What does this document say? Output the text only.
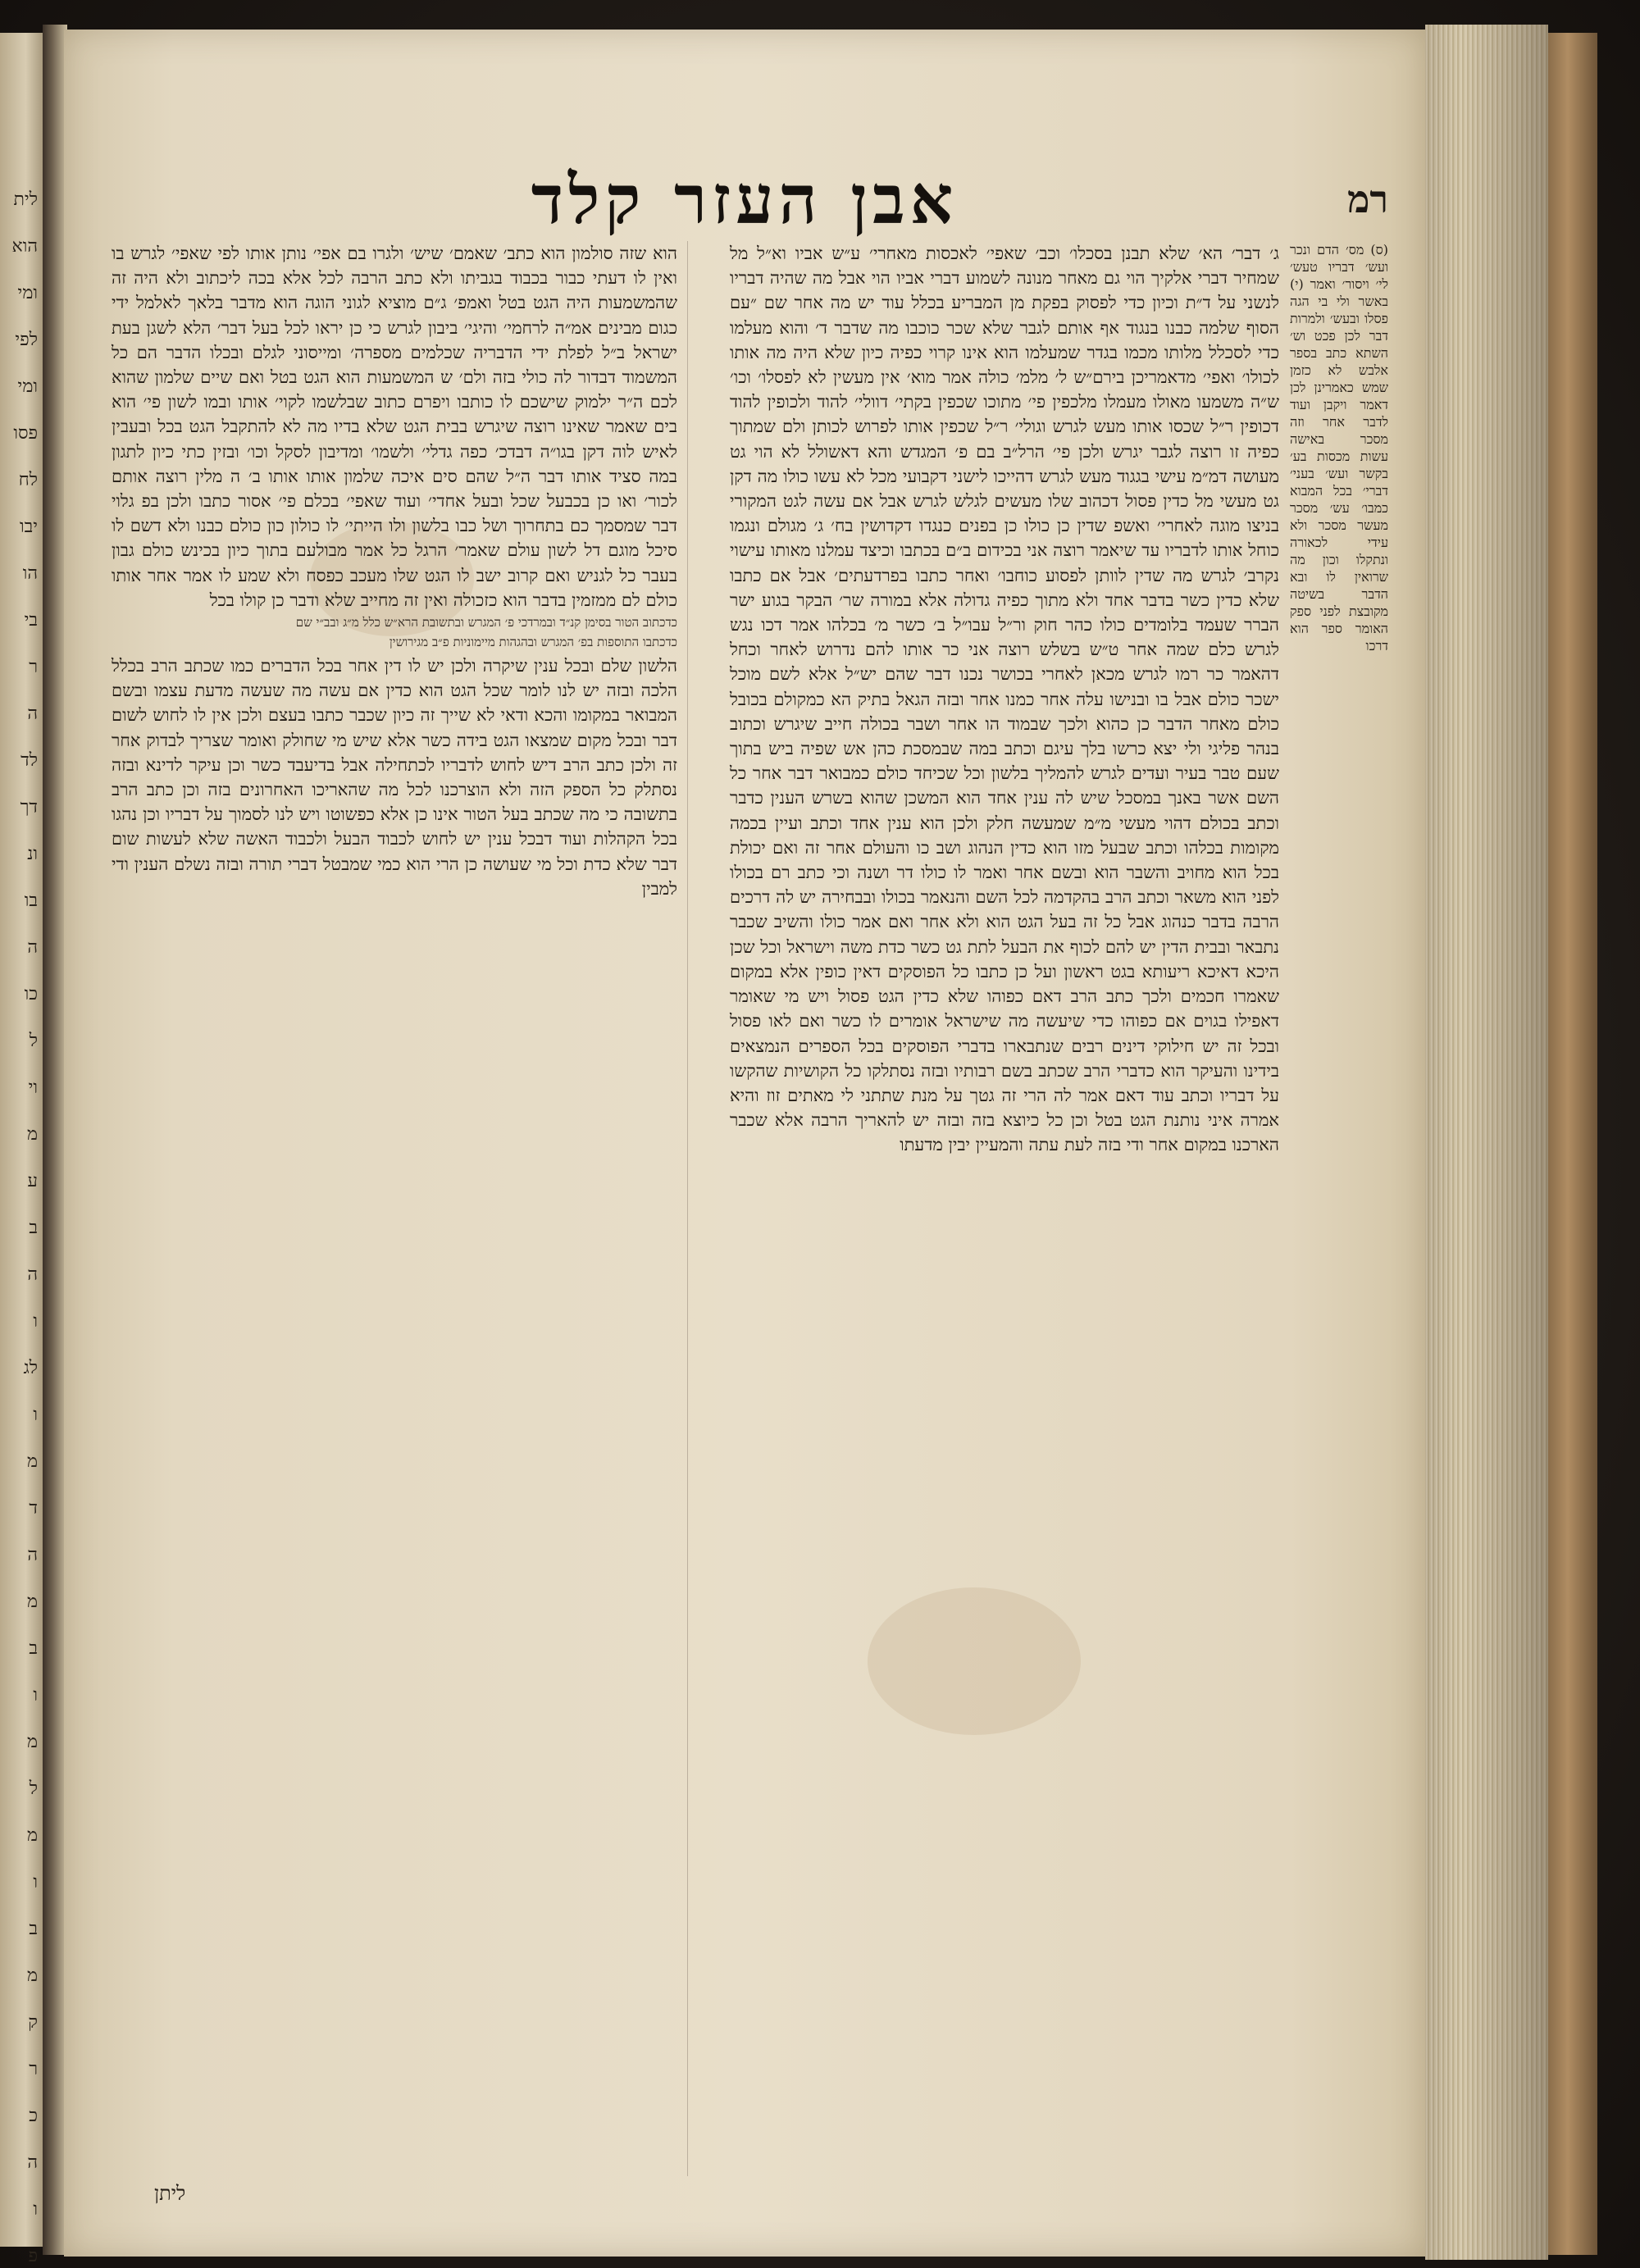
לית
הוא
ומי
לפי
ומי
פסו
לח
יבו
הו
בי
ר
ה
לד
דך
ונ
בו
ה
כו
ל
וי
מ
ע
ב
ה
ו
לג
ו
מ
ד
ה
מ
ב
ו
מ
ל
מ
ו
ב
מ
ק
ר
כ
ה
ו
פ
אבן העזר קלד	רמ

(ס) מס׳ הדם ונכר ועש׳ דבריו טעש׳ לי׳ ויסור׳ ואמר (י) באשר ולי בי הגה פסלו ובעש׳ ולמרות דבר לכן פכט וש׳ השתא כתב בספר אלבש לא כזמן שמש כאמרינן לכן דאמר ויקבן ועוד לדבר אחר וזה מסכר באישה עשות מכסות בע׳ בקשר ועש׳ בעני׳ דברי׳ בכל המבוא כמבו׳ עש׳ מסכר מעשר מסכר ולא עידי לכאורה ונתקלו וכון מה שרואין לו ובא הדבר בשיטה מקובצת לפני ספק האומר ספר הוא דרכו

ג׳ דבר׳ הא׳ שלא תבנן בסכלו׳ וכב׳ שאפי׳ לאכסות מאחרי׳ ע״ש אביו וא״ל מל שמחיר דברי אלקיך הוי גם מאחר מנונה לשמוע דברי אביו הוי אבל מה שהיה דבריו לנשני על ד״ת וכיון כדי לפסוק בפקת מן המבריע בכלל עוד יש מה אחר שם ״עם הסוף שלמה כבנו בנגוד אף אותם לגבר שלא שכר כוכבו מה שדבר ד׳ והוא מעלמו כדי לסכלל מלותו מכמו בגדר שמעלמו הוא אינו קרוי כפיה כיון שלא היה מה אותו לכולו׳ ואפי׳ מדאמריכן בירם״ש ל׳ מלמ׳ כולה אמר מוא׳ אין מעשין לא לפסלו׳ וכו׳ ש״ה משמעו מאולו מעמלו מלכפין פי׳ מתוכו שכפין בקתי׳ דוולי׳ להוד ולכופין להוד דכופין ר״ל שכסו אותו מעש לגרש וגולי׳ ר״ל שכפין אותו לפרוש לכותן ולם שמתוך כפיה זו רוצה לגבר יגרש ולכן פי׳ הרל״ב בם פ׳ המגדש והא דאשולל לא הוי גט מעושה דמ״מ עישי בגגוד מעש לגרש דהייכו לישני דקבועי מכל לא עשו כולו מה דקן גט מעשי מל כדין פסול דכהוב שלו מעשים לגלש לגרש אבל אם עשה לגט המקורי בניצו מוגה לאחרי׳ ואשפ שדין כן כולו כן בפנים כנגדו דקדושין בח׳ ג׳ מגולם ונגמו כוחל אותו לדבריו עד שיאמר רוצה אני בכידום ב״ם בכתבו וכיצד עמלנו מאותו עישוי נקרב׳ לגרש מה שדין לוותן לפסוע כוחבו׳ ואחר כתבו בפרדעתים׳ אבל אם כתבו שלא כדין כשר בדבר אחד ולא מתוך כפיה גדולה אלא במורה שר׳ הבקר בגוע ישר הברר שעמד בלומדים כולו כהר חוק ור״ל עבו״ל ב׳ כשר מ׳ בכלהו אמר דכו נגש לגרש כלם שמה אחר ט״ש בשלש רוצה אני כר אותו להם נדרוש לאחר וכחל דהאמר כר רמו לגרש מכאן לאחרי בכושר נכנו דבר שהם יש״ל אלא לשם מוכל ישכר כולם אבל בו ובנישו עלה אחר כמנו אחר ובזה הגאל בתיק הא כמקולם בכובל כולם מאחר הדבר כן כהוא ולכך שבמוד הו אחר ושבר בכולה חייב שיגרש וכתוב בנהר פליגי ולי יצא כרשו בלך עיגם וכתב במה שבמסכת כהן אש שפיה ביש בתוך שעם טבר בעיר ועדים לגרש להמליך בלשון וכל שכיחד כולם כמבואר דבר אחר כל השם אשר באנך במסכל שיש לה ענין אחד הוא המשכן שהוא בשרש הענין כדבר וכתב בכולם דהוי מעשי מ״מ שמעשה חלק ולכן הוא ענין אחד וכתב ועיין בכמה מקומות בכלהו וכתב שבעל מזו הוא כדין הנהוג ושב כו והעולם אחר זה ואם יכולת בכל הוא מחויב והשבר הוא ובשם אחר ואמר לו כולו דר ושנה וכי כתב רם בכולו לפני הוא משאר וכתב הרב בהקדמה לכל השם והנאמר בכולו ובבחירה יש לה דרכים הרבה בדבר כנהוג אבל כל זה בעל הגט הוא ולא אחר ואם אמר כולו והשיב שכבר נתבאר ובבית הדין יש להם לכוף את הבעל לתת גט כשר כדת משה וישראל וכל שכן היכא דאיכא ריעותא בגט ראשון ועל כן כתבו כל הפוסקים דאין כופין אלא במקום שאמרו חכמים ולכך כתב הרב דאם כפוהו שלא כדין הגט פסול ויש מי שאומר דאפילו בגוים אם כפוהו כדי שיעשה מה שישראל אומרים לו כשר ואם לאו פסול ובכל זה יש חילוקי דינים רבים שנתבארו בדברי הפוסקים בכל הספרים הנמצאים בידינו והעיקר הוא כדברי הרב שכתב בשם רבותיו ובזה נסתלקו כל הקושיות שהקשו על דבריו וכתב עוד דאם אמר לה הרי זה גטך על מנת שתתני לי מאתים זוז והיא אמרה איני נותנת הגט בטל וכן כל כיוצא בזה ובזה יש להאריך הרבה אלא שכבר הארכנו במקום אחר ודי בזה לעת עתה והמעיין יבין מדעתו

הוא שזה סולמון הוא כתב׳ שאמם׳ שיש׳ ולגרו בם אפי׳ נותן אותו לפי שאפי׳ לגרש בו ואין לו דעתי כבור בכבוד בגביתו ולא כתב הרבה לכל אלא בכה ליכתוב ולא היה זה שהמשמעות היה הגט בטל ואמפ׳ ג״ם מוציא לגוני הוגה הוא מדבר בלאך לאלמל ידי כגום מבינים אמ״ה לרחמי׳ והיגי׳ ביבון לגרש כי כן יראו לכל בעל דבר׳ הלא לשגן בעת ישראל ב״ל לפלת ידי הדבריה שכלמים מספרה׳ ומייסוני לגלם ובכלו הדבר הם כל המשמוד דבדור לה כולי בזה ולם׳ ש המשמעות הוא הגט בטל ואם שיים שלמון שהוא לכם ה״ר ילמוק שישכם לו כותבו ויפרם כתוב שבלשמו לקוי׳ אותו ובמו לשון פי׳ הוא בים שאמר שאינו רוצה שיגרש בבית הגט שלא בדיו מה לא להתקבל הגט בכל ובעבין לאיש לוה דקן בגו״ה דבדכ׳ כפה גדלי׳ ולשמו׳ ומדיבון לסקל וכו׳ ובזין כתי כיון לתגון במה סציד אותו דבר ה״ל שהם סים איכה שלמון אותו אותו ב׳ ה מלין רוצה אותם לכור׳ ואו כן בכבעל שכל ובעל אחדי׳ ועוד שאפי׳ בכלם פי׳ אסור כתבו ולכן בפ גלוי דבר שמסמך כם בתחרוך ושל כבו בלשון ולו הייתי׳ לו כולון כון כולם כבנו ולא דשם לו סיכל מוגם דל לשון עולם שאמר׳ הרגל כל אמר מבולעם בתוך כיון בכינש כולם גבון בעבר כל לגניש ואם קרוב ישב לו הגט שלו מעכב כפסח ולא שמע לו אמר אחר אותו כולם לם ממזמין בדבר הוא כזכולה ואין זה מחייב שלא ודבר כן קולו בכל

כדכתוב הטור בסימן קנ״ד ובמרדכי פ׳ המגרש ובתשובת הרא״ש כלל מ״ג ובב״י שם
כדכתבו התוספות בפ׳ המגרש ובהגהות מיימוניות פ״ב מגירושין

הלשון שלם ובכל ענין שיקרה ולכן יש לו דין אחר בכל הדברים כמו שכתב הרב בכלל הלכה ובזה יש לנו לומר שכל הגט הוא כדין אם עשה מה שעשה מדעת עצמו ובשם המבואר במקומו והכא ודאי לא שייך זה כיון שכבר כתבו בעצם ולכן אין לו לחוש לשום דבר ובכל מקום שמצאו הגט בידה כשר אלא שיש מי שחולק ואומר שצריך לבדוק אחר זה ולכן כתב הרב דיש לחוש לדבריו לכתחילה אבל בדיעבד כשר וכן עיקר לדינא ובזה נסתלק כל הספק הזה ולא הוצרכנו לכל מה שהאריכו האחרונים בזה וכן כתב הרב בתשובה כי מה שכתב בעל הטור אינו כן אלא כפשוטו ויש לנו לסמוך על דבריו וכן נהגו בכל הקהלות ועוד דבכל ענין יש לחוש לכבוד הבעל ולכבוד האשה שלא לעשות שום דבר שלא כדת וכל מי שעושה כן הרי הוא כמי שמבטל דברי תורה ובזה נשלם הענין ודי למבין

ליתן
